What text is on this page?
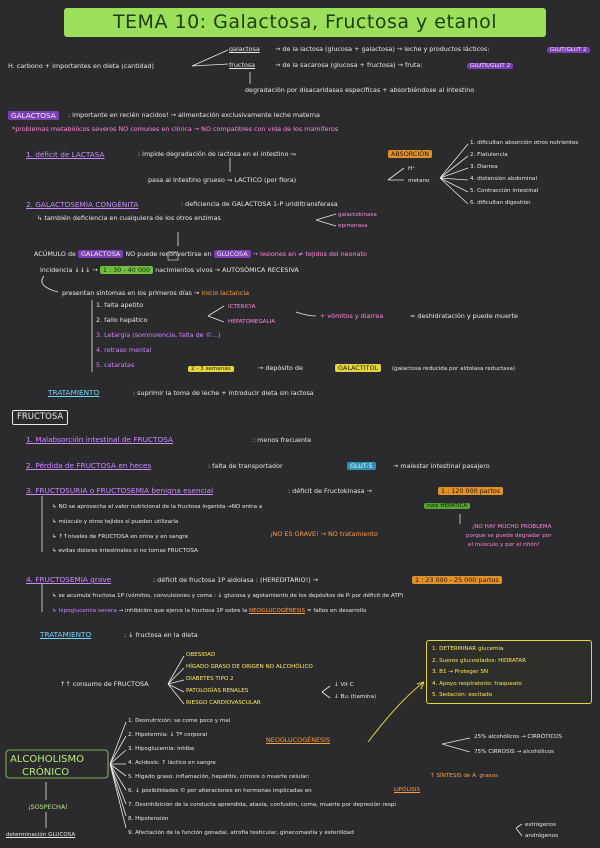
TEMA 10: Galactosa, Fructosa y etanol
H. carbono + importantes en dieta (cantidad)
galactosa → de la lactosa (glucosa + galactosa) → leche y productos lácticos:	GLUT/GLUT 2
fructosa	→ de la sacarosa (glucosa + fructosa) → fruta:	GLUT5/GLUT 2
degradación por disacaridasas específicas + absorbiéndose al intestino
GALACTOSA	: importante en recién nacidos! → alimentación exclusivamente leche materna
*problemas metabólicos severos NO comunes en clínica → NO compatibles con vida de los mamíferos
1. déficit de LACTASA	: impide degradación de lactosa en el intestino ↝	ABSORCIÓN
pasa al Intestino grueso ↝ LACTICO (por flora)
H⁺
metano
1. dificultan absorción otros nutrientes
2. Flatulencia
3. Diarrea
4. distensión abdominal
5. Contracción intestinal
6. dificultan digestión
2. GALACTOSEMIA CONGÉNITA	: deficiencia de GALACTOSA 1-P uridiltransferasa
↳ también deficiencia en cualquiera de los otros enzimas	galactokinasa
epimerasa
ACÚMULO de GALACTOSA NO puede reconvertirse en GLUCOSA → lesiones en ≠ tejidos del neonato
incidencia ↓↓↓ → 1 : 30 - 40 000 nacimientos vivos → AUTOSÓMICA RECESIVA
presentan síntomas en los primeros días → inicio lactancia
1. falta apetito
2. fallo hepático
3. Letargia (somnolencia, falta de ©...)
4. retraso mental
5. cataratas
ICTERICIA
HEPATOMEGALIA
+ vómitos y diarrea	= deshidratación y puede muerte
2 - 3 semanas	→ depósito de	GALACTITOL	(galactosa reducida por aldolasa reductasa)
TRATAMIENTO	: suprimir la toma de leche + introducir dieta sin lactosa
FRUCTOSA
1. Malabsorción intestinal de FRUCTOSA	: menos frecuente
2. Pérdida de FRUCTOSA en heces	: falta de transportador	GLUT-5	→ malestar intestinal pasajero
3. FRUCTOSURIA o FRUCTOSEMIA benigna esencial	: déficit de Fructokinasa →	1 : 120 000 partos
↳ NO se aprovecha el valor nutricional de la fructosa ingerida →NO entra a	ruta HEPÁTICA
↳ músculo y otros tejidos sí pueden utilizarla
↳ ↑↑niveles de FRUCTOSA en orina y en sangre
↳ evitas dolores intestinales si no tomas FRUCTOSA
¡NO ES GRAVE! → NO tratamiento
¡NO HAY MUCHO PROBLEMA
porque se puede degradar por
el músculo y por el riñón!
4. FRUCTOSEMIA grave	: déficit de fructosa 1P aldolasa : (HEREDITARIO!) →	1 : 23 000 - 25 000 partos
↳ se acumula fructosa 1P (vómitos, convulsiones y coma : ↓ glucosa y agotamiento de los depósitos de Pᵢ por déficit de ATP)
↳ hipoglucemia severa → inhibición que ejerce la fructosa 1P sobre la NEOGLUCOGÉNESIS = fallos en desarrollo
TRATAMIENTO	: ↓ fructosa en la dieta
↑↑ consumo de FRUCTOSA
OBESIDAD
HÍGADO GRASO DE ORIGEN NO ALCOHÓLICO
DIABETES TIPO 2
PATOLOGÍAS RENALES
RIESGO CARDIOVASCULAR
1. DETERMINAR glucemia
2. Sueros glucosilados: HIDRATAR
3. B1 → Proteger SN
4. Apoyo respiratorio: traqueato
5. Sedación: excitado
ALCOHOLISMO
CRÓNICO
¡SOSPECHA!
determinación GLUCOSA
1. Desnutrición: se come poco y mal
2. Hipotermia: ↓ Tª corporal
3. Hipoglucemia: inhibe
4. Acidosis: ↑ láctico en sangre
5. Hígado graso: inflamación, hepatitis, cirrosis o muerte celular:
6. ↓ posibilidades © por alteraciones en hormonas implicadas en
7. Desinhibición de la conducta aprendida, ataxia, confusión, coma, muerte por depresión respi
8. Hipotensión
9. Afectación de la función gonadal, atrofia testicular, ginecomastia y esterilidad
NEOGLUCOGÉNESIS
↓ Vit C
↓ B₁₂ (tiamina)
↑ SÍNTESIS de Á. grasos
LIPÓLISIS
estrógenos
andrógenos
25% alcohólicos → CIRRÓTICOS
75% CIRROSIS → alcohólicos
